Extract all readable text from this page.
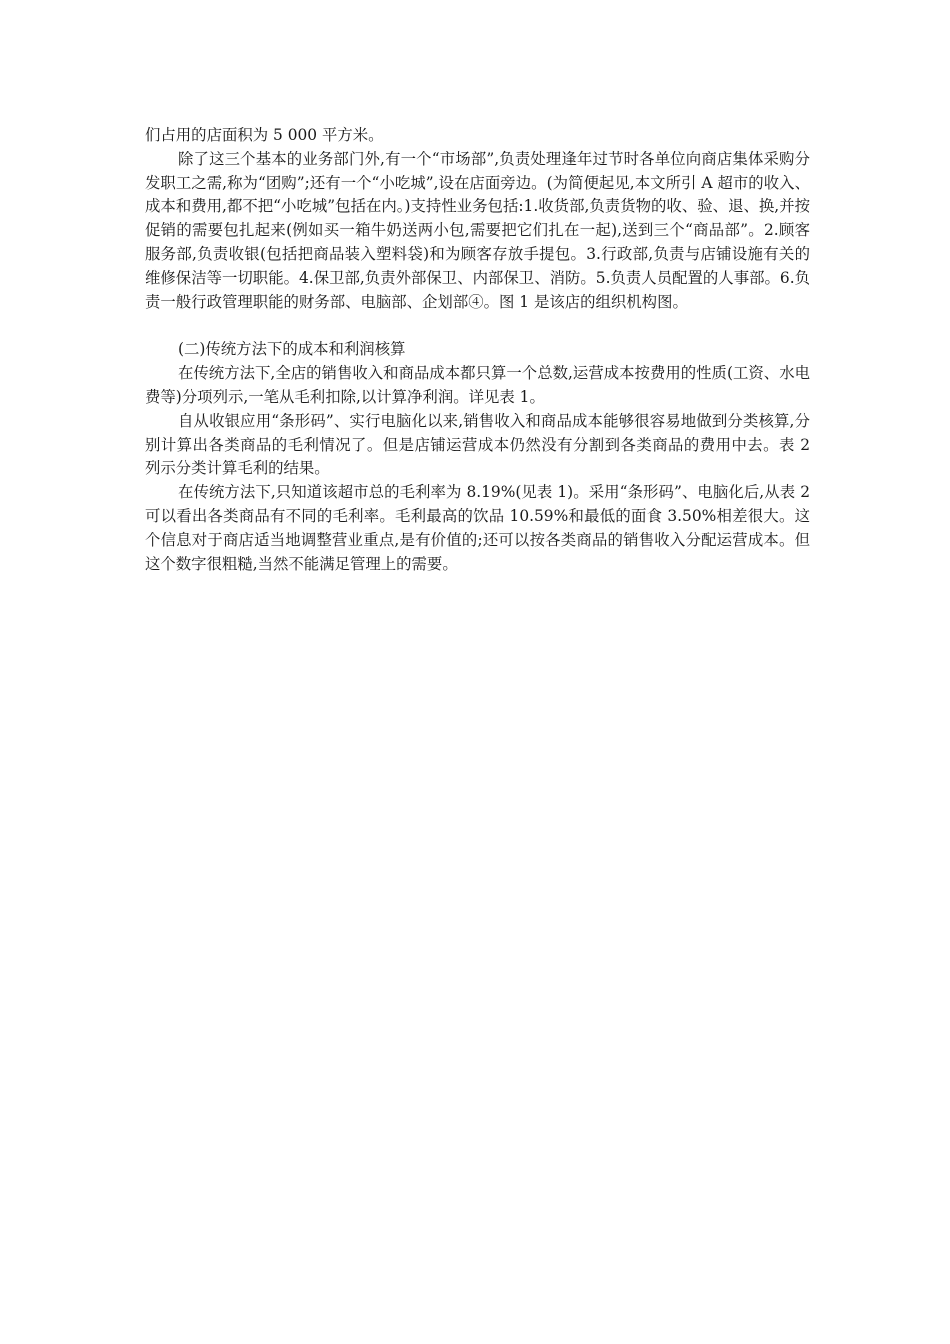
们占用的店面积为 5 000 平方米。

除了这三个基本的业务部门外,有一个“市场部”,负责处理逢年过节时各单位向商店集体采购分发职工之需,称为“团购”;还有一个“小吃城”,设在店面旁边。(为简便起见,本文所引 A 超市的收入、成本和费用,都不把“小吃城”包括在内。)支持性业务包括:1.收货部,负责货物的收、验、退、换,并按促销的需要包扎起来(例如买一箱牛奶送两小包,需要把它们扎在一起),送到三个“商品部”。2.顾客服务部,负责收银(包括把商品装入塑料袋)和为顾客存放手提包。3.行政部,负责与店铺设施有关的维修保洁等一切职能。4.保卫部,负责外部保卫、内部保卫、消防。5.负责人员配置的人事部。6.负责一般行政管理职能的财务部、电脑部、企划部④。图 1 是该店的组织机构图。

(二)传统方法下的成本和利润核算

在传统方法下,全店的销售收入和商品成本都只算一个总数,运营成本按费用的性质(工资、水电费等)分项列示,一笔从毛利扣除,以计算净利润。详见表 1。

自从收银应用“条形码”、实行电脑化以来,销售收入和商品成本能够很容易地做到分类核算,分别计算出各类商品的毛利情况了。但是店铺运营成本仍然没有分割到各类商品的费用中去。表 2 列示分类计算毛利的结果。

在传统方法下,只知道该超市总的毛利率为 8.19%(见表 1)。采用“条形码”、电脑化后,从表 2 可以看出各类商品有不同的毛利率。毛利最高的饮品 10.59%和最低的面食 3.50%相差很大。这个信息对于商店适当地调整营业重点,是有价值的;还可以按各类商品的销售收入分配运营成本。但这个数字很粗糙,当然不能满足管理上的需要。
